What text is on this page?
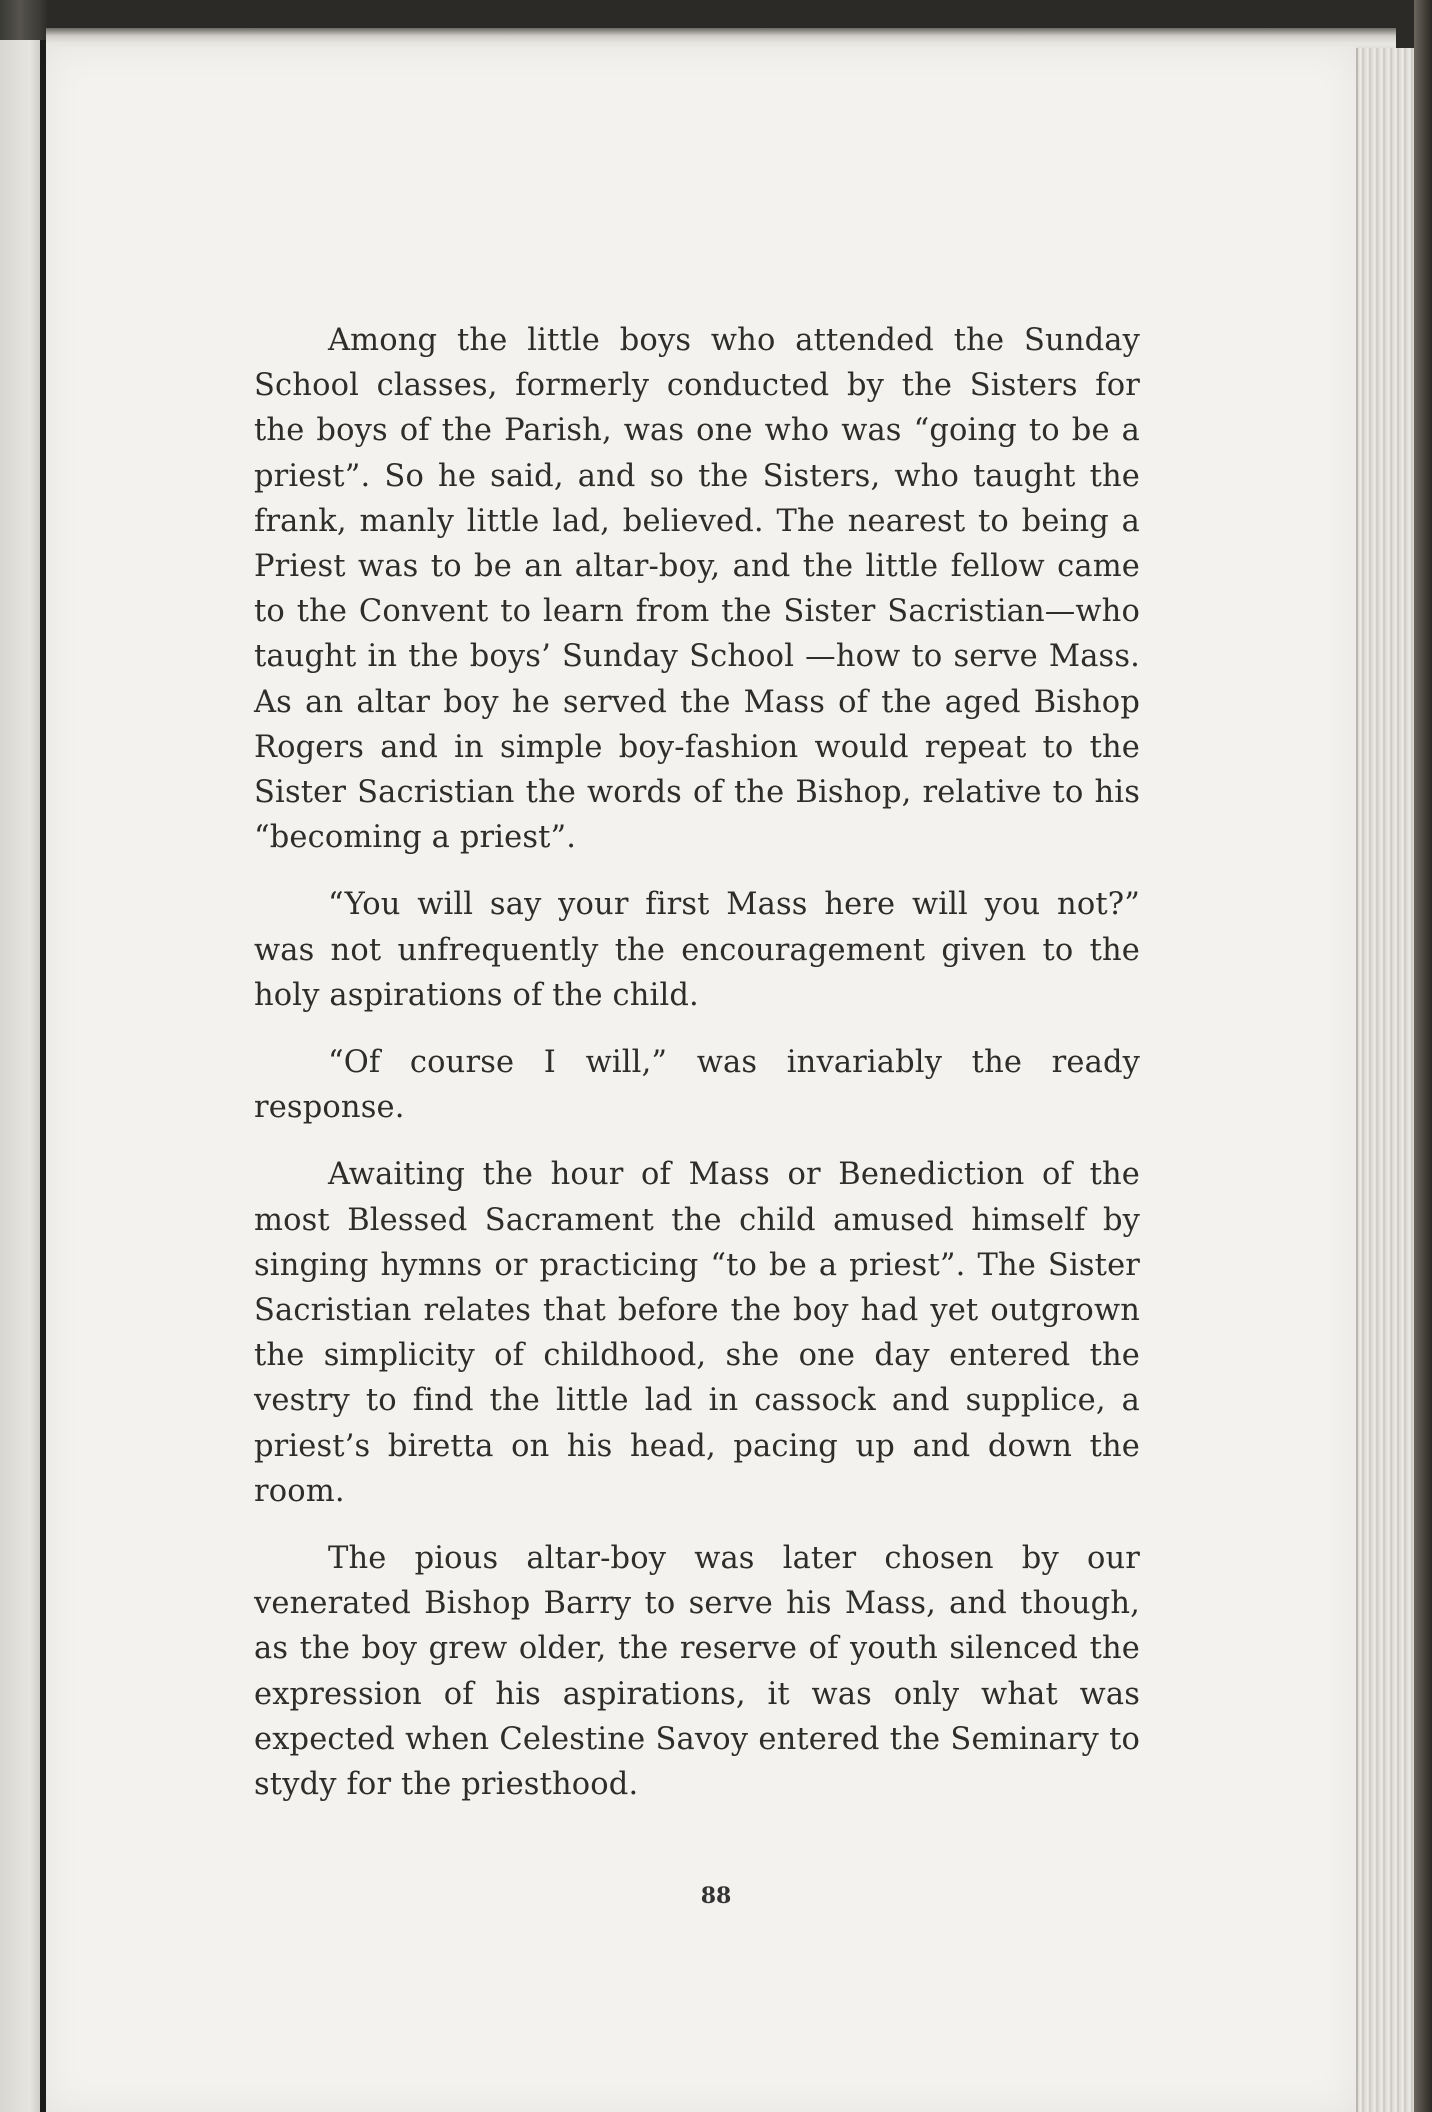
Among the little boys who attended the Sunday School classes, formerly conducted by the Sisters for the boys of the Parish, was one who was “going to be a priest”. So he said, and so the Sisters, who taught the frank, manly little lad, believed. The nearest to being a Priest was to be an altar-boy, and the little fellow came to the Convent to learn from the Sister Sacristian—who taught in the boys’ Sunday School —how to serve Mass. As an altar boy he served the Mass of the aged Bishop Rogers and in simple boy-fashion would repeat to the Sister Sacristian the words of the Bishop, relative to his “becoming a priest”.

“You will say your first Mass here will you not?” was not unfrequently the encouragement given to the holy aspirations of the child.

“Of course I will,” was invariably the ready response.

Awaiting the hour of Mass or Benediction of the most Blessed Sacrament the child amused himself by singing hymns or practicing “to be a priest”. The Sister Sacristian relates that before the boy had yet outgrown the simplicity of childhood, she one day entered the vestry to find the little lad in cassock and supplice, a priest’s biretta on his head, pacing up and down the room.

The pious altar-boy was later chosen by our venerated Bishop Barry to serve his Mass, and though, as the boy grew older, the reserve of youth silenced the expression of his aspirations, it was only what was expected when Celestine Savoy entered the Seminary to stydy for the priesthood.

88
